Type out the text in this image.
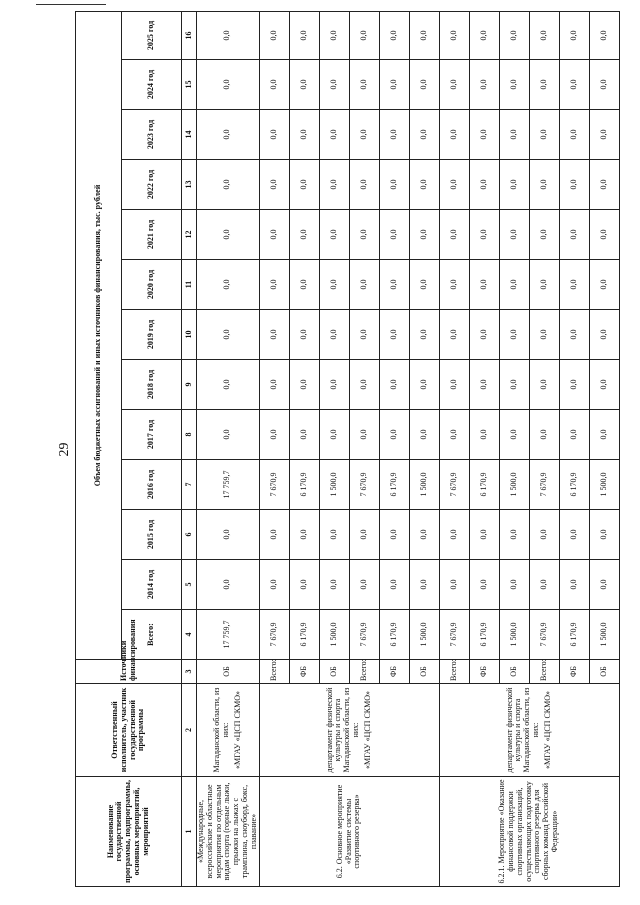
29
Наименование государственной программы, подпрограммы, основных мероприятий, мероприятий	Ответственный исполнитель, участник государственной программы	Источники финансирования	Объем бюджетных ассигнований и иных источников финансирования, тыс. рублей												
			Всего:	2014 год	2015 год	2016 год	2017 год	2018 год	2019 год	2020 год	2021 год	2022 год	2023 год	2024 год	2025 год
1	2	3	4	5	6	7	8	9	10	11	12	13	14	15	16
«Международные, всероссийские и областные мероприятия по отдельным видам спорта (горные лыжи, прыжки на лыжах с трамплина, сноуборд, бокс, плавание»	Магаданской области, из них: «МГАУ «ЦСП СКМО»	ОБ	17 759,7	0,0	0,0	17 759,7	0,0	0,0	0,0	0,0	0,0	0,0	0,0	0,0	0,0
6.2. Основное мероприятие «Развитие системы спортивного резерва»	департамент физической культуры и спорта Магаданской области, из них: «МГАУ «ЦСП СКМО»	Всего:	7 670,9	0,0	0,0	7 670,9	0,0	0,0	0,0	0,0	0,0	0,0	0,0	0,0	0,0
		ФБ	6 170,9	0,0	0,0	6 170,9	0,0	0,0	0,0	0,0	0,0	0,0	0,0	0,0	0,0
		ОБ	1 500,0	0,0	0,0	1 500,0	0,0	0,0	0,0	0,0	0,0	0,0	0,0	0,0	0,0
		Всего:	7 670,9	0,0	0,0	7 670,9	0,0	0,0	0,0	0,0	0,0	0,0	0,0	0,0	0,0
		ФБ	6 170,9	0,0	0,0	6 170,9	0,0	0,0	0,0	0,0	0,0	0,0	0,0	0,0	0,0
		ОБ	1 500,0	0,0	0,0	1 500,0	0,0	0,0	0,0	0,0	0,0	0,0	0,0	0,0	0,0
6.2.1. Мероприятие «Оказание финансовой поддержки спортивных организаций, осуществляющих подготовку спортивного резерва для сборных команд Российской Федерации»	департамент физической культуры и спорта Магаданской области, из них: «МГАУ «ЦСП СКМО»	Всего:	7 670,9	0,0	0,0	7 670,9	0,0	0,0	0,0	0,0	0,0	0,0	0,0	0,0	0,0
		ФБ	6 170,9	0,0	0,0	6 170,9	0,0	0,0	0,0	0,0	0,0	0,0	0,0	0,0	0,0
		ОБ	1 500,0	0,0	0,0	1 500,0	0,0	0,0	0,0	0,0	0,0	0,0	0,0	0,0	0,0
		Всего:	7 670,9	0,0	0,0	7 670,9	0,0	0,0	0,0	0,0	0,0	0,0	0,0	0,0	0,0
		ФБ	6 170,9	0,0	0,0	6 170,9	0,0	0,0	0,0	0,0	0,0	0,0	0,0	0,0	0,0
		ОБ	1 500,0	0,0	0,0	1 500,0	0,0	0,0	0,0	0,0	0,0	0,0	0,0	0,0	0,0
